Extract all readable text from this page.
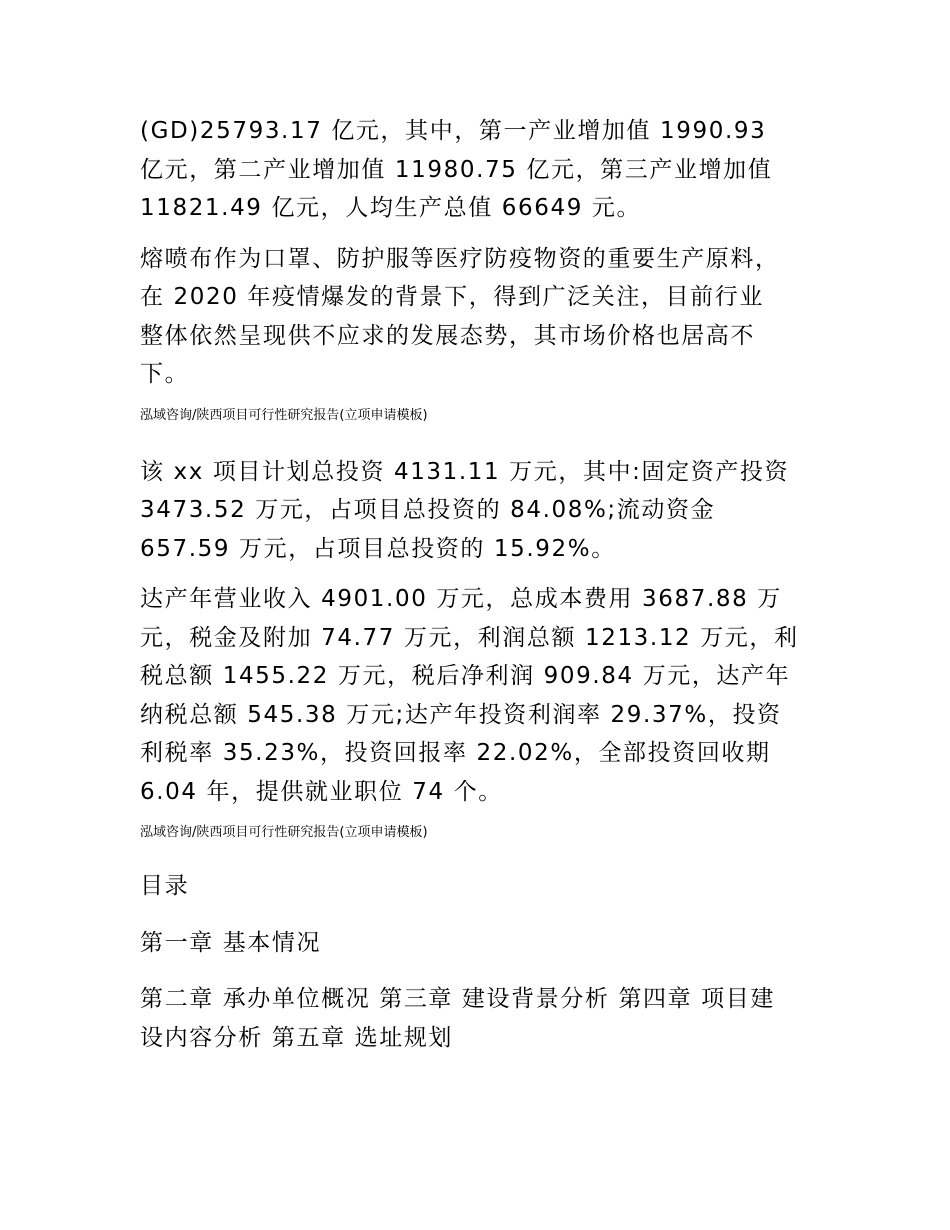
(GD)25793.17 亿元，其中，第一产业增加值 1990.93
亿元，第二产业增加值 11980.75 亿元，第三产业增加值
11821.49 亿元，人均生产总值 66649 元。

熔喷布作为口罩、防护服等医疗防疫物资的重要生产原料，
在 2020 年疫情爆发的背景下，得到广泛关注，目前行业
整体依然呈现供不应求的发展态势，其市场价格也居高不
下。

泓域咨询/陕西项目可行性研究报告(立项申请模板)

该 xx 项目计划总投资 4131.11 万元，其中:固定资产投资
3473.52 万元，占项目总投资的 84.08%;流动资金
657.59 万元，占项目总投资的 15.92%。

达产年营业收入 4901.00 万元，总成本费用 3687.88 万
元，税金及附加 74.77 万元，利润总额 1213.12 万元，利
税总额 1455.22 万元，税后净利润 909.84 万元，达产年
纳税总额 545.38 万元;达产年投资利润率 29.37%，投资
利税率 35.23%，投资回报率 22.02%，全部投资回收期
6.04 年，提供就业职位 74 个。

泓域咨询/陕西项目可行性研究报告(立项申请模板)

目录

第一章 基本情况

第二章 承办单位概况 第三章 建设背景分析 第四章 项目建
设内容分析 第五章 选址规划
